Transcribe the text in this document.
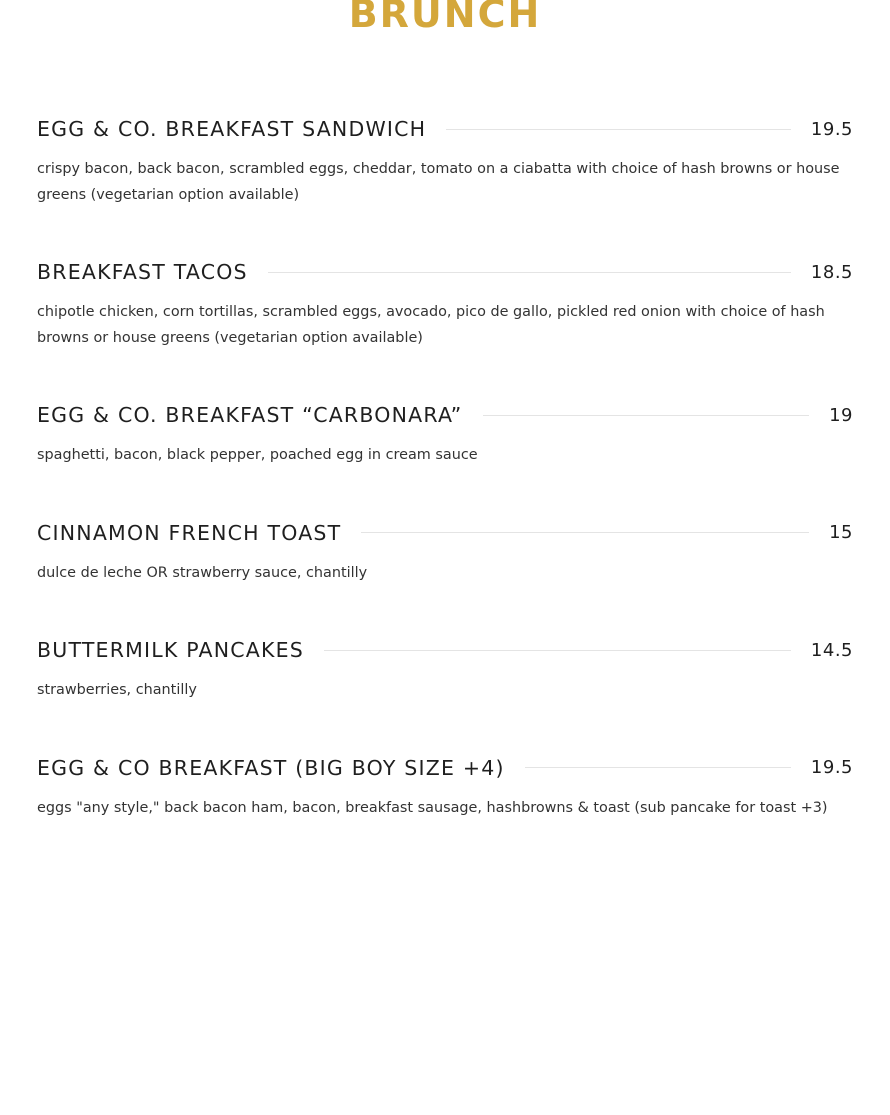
BRUNCH
EGG & CO. BREAKFAST SANDWICH	19.5

crispy bacon, back bacon, scrambled eggs, cheddar, tomato on a ciabatta with choice of hash browns or house greens (vegetarian option available)

BREAKFAST TACOS	18.5

chipotle chicken, corn tortillas, scrambled eggs, avocado, pico de gallo, pickled red onion with choice of hash browns or house greens (vegetarian option available)

EGG & CO. BREAKFAST “CARBONARA”	19

spaghetti, bacon, black pepper, poached egg in cream sauce

CINNAMON FRENCH TOAST	15

dulce de leche OR strawberry sauce, chantilly

BUTTERMILK PANCAKES	14.5

strawberries, chantilly

EGG & CO BREAKFAST (BIG BOY SIZE +4)	19.5

eggs "any style," back bacon ham, bacon, breakfast sausage, hashbrowns & toast (sub pancake for toast +3)
